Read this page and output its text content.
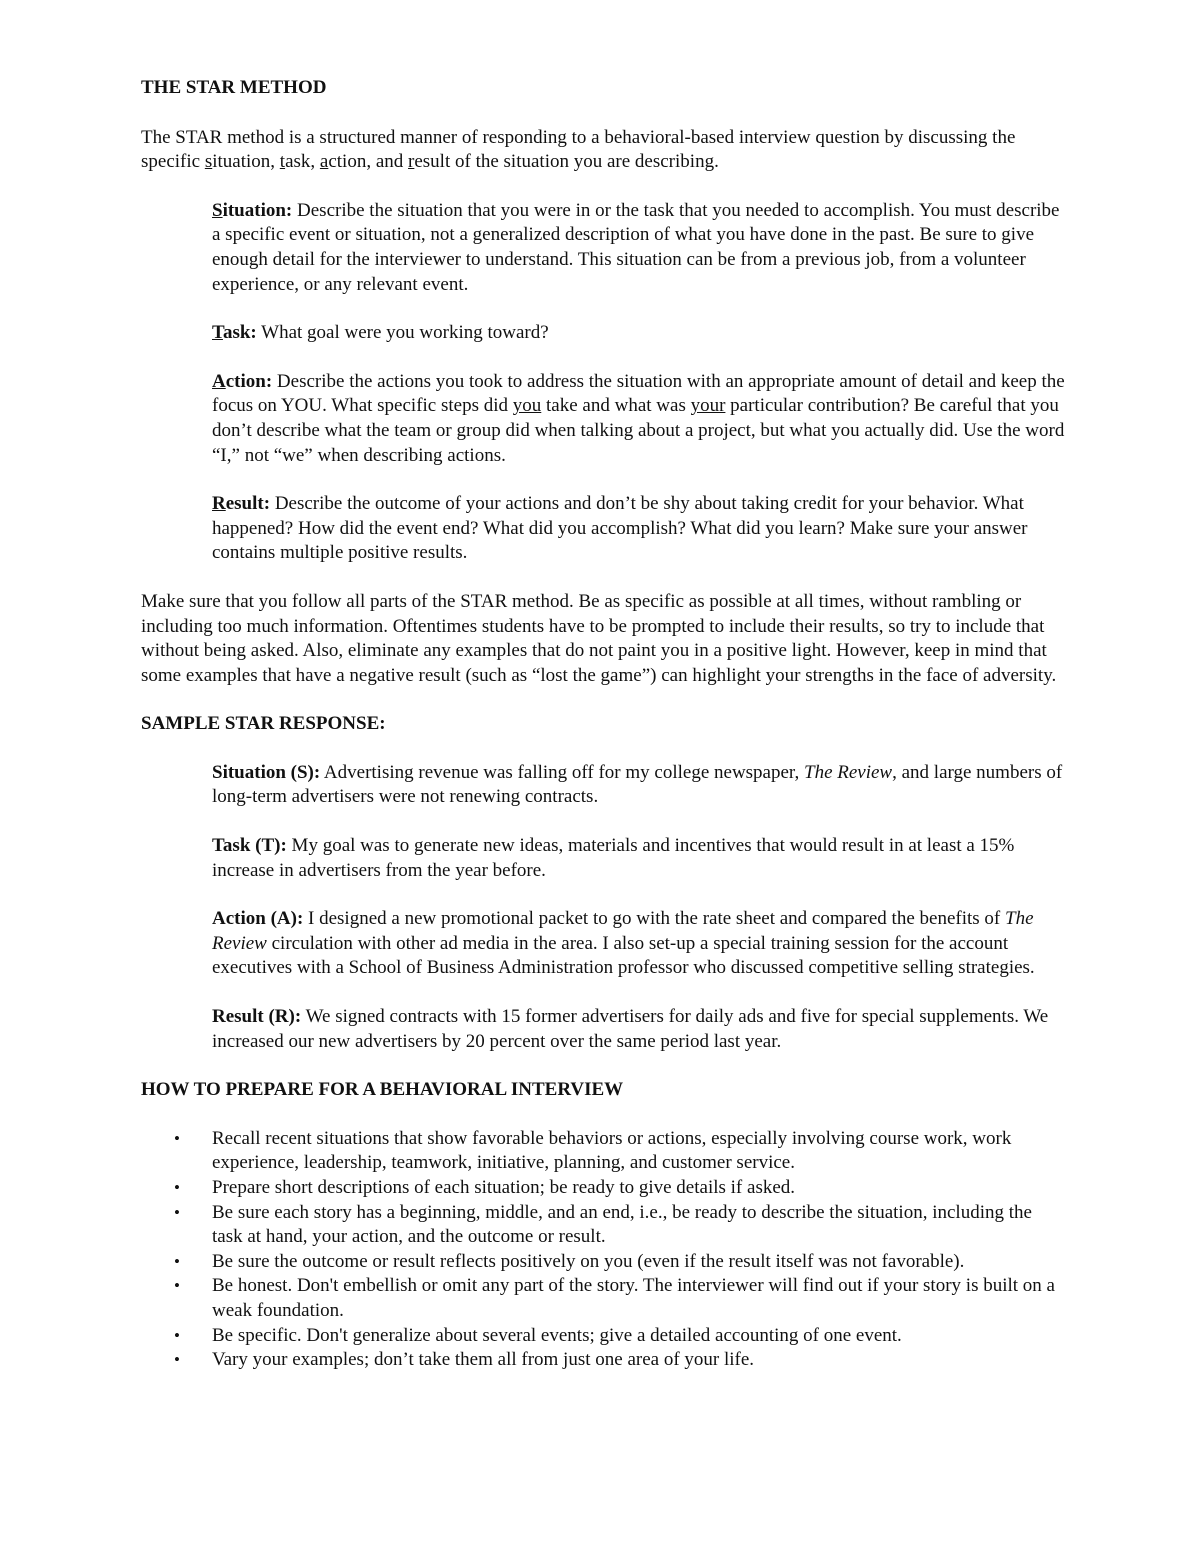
THE STAR METHOD

The STAR method is a structured manner of responding to a behavioral-based interview question by discussing the specific situation, task, action, and result of the situation you are describing.

Situation: Describe the situation that you were in or the task that you needed to accomplish. You must describe a specific event or situation, not a generalized description of what you have done in the past. Be sure to give enough detail for the interviewer to understand. This situation can be from a previous job, from a volunteer experience, or any relevant event.

Task: What goal were you working toward?

Action: Describe the actions you took to address the situation with an appropriate amount of detail and keep the focus on YOU. What specific steps did you take and what was your particular contribution? Be careful that you don’t describe what the team or group did when talking about a project, but what you actually did. Use the word “I,” not “we” when describing actions.

Result: Describe the outcome of your actions and don’t be shy about taking credit for your behavior. What happened? How did the event end? What did you accomplish? What did you learn? Make sure your answer contains multiple positive results.

Make sure that you follow all parts of the STAR method. Be as specific as possible at all times, without rambling or including too much information. Oftentimes students have to be prompted to include their results, so try to include that without being asked. Also, eliminate any examples that do not paint you in a positive light. However, keep in mind that some examples that have a negative result (such as “lost the game”) can highlight your strengths in the face of adversity.

SAMPLE STAR RESPONSE:

Situation (S): Advertising revenue was falling off for my college newspaper, The Review, and large numbers of long-term advertisers were not renewing contracts.

Task (T): My goal was to generate new ideas, materials and incentives that would result in at least a 15% increase in advertisers from the year before.

Action (A): I designed a new promotional packet to go with the rate sheet and compared the benefits of The Review circulation with other ad media in the area. I also set-up a special training session for the account executives with a School of Business Administration professor who discussed competitive selling strategies.

Result (R): We signed contracts with 15 former advertisers for daily ads and five for special supplements. We increased our new advertisers by 20 percent over the same period last year.

HOW TO PREPARE FOR A BEHAVIORAL INTERVIEW

• Recall recent situations that show favorable behaviors or actions, especially involving course work, work experience, leadership, teamwork, initiative, planning, and customer service.
• Prepare short descriptions of each situation; be ready to give details if asked.
• Be sure each story has a beginning, middle, and an end, i.e., be ready to describe the situation, including the task at hand, your action, and the outcome or result.
• Be sure the outcome or result reflects positively on you (even if the result itself was not favorable).
• Be honest. Don't embellish or omit any part of the story. The interviewer will find out if your story is built on a weak foundation.
• Be specific. Don't generalize about several events; give a detailed accounting of one event.
• Vary your examples; don’t take them all from just one area of your life.
